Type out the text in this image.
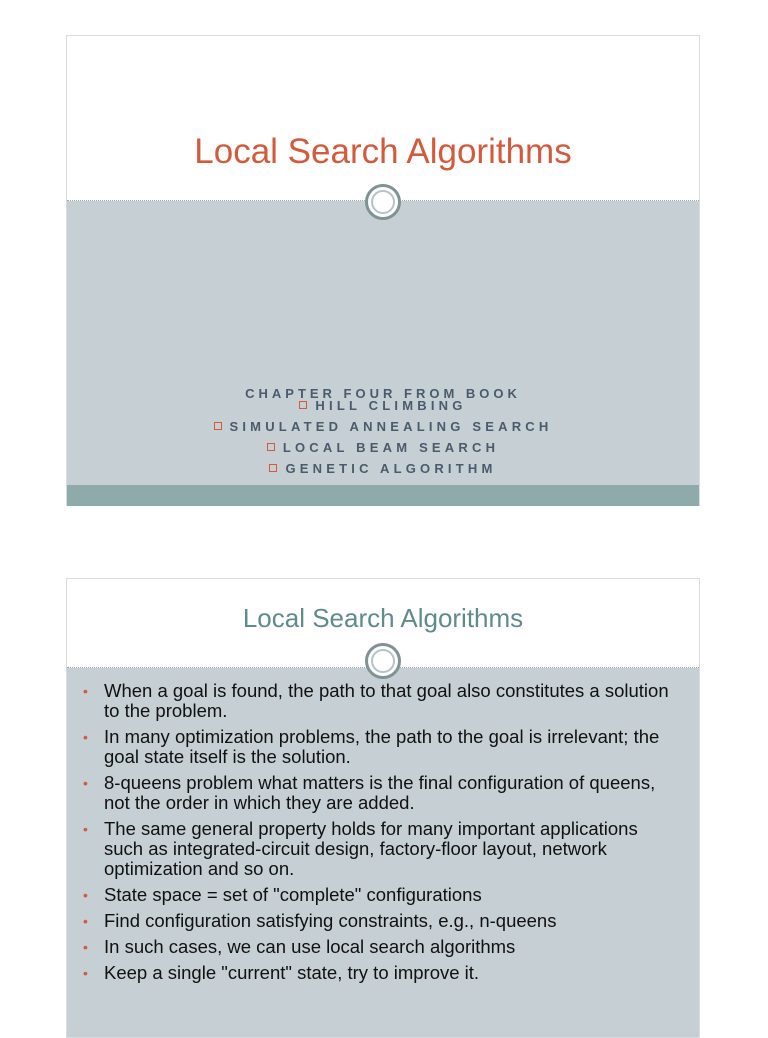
Local Search Algorithms
HILL CLIMBING
SIMULATED ANNEALING SEARCH
LOCAL BEAM SEARCH
GENETIC ALGORITHM
CHAPTER FOUR FROM BOOK
Local Search Algorithms
• When a goal is found, the path to that goal also constitutes a solution to the problem.
• In many optimization problems, the path to the goal is irrelevant; the goal state itself is the solution.
• 8-queens problem what matters is the final configuration of queens, not the order in which they are added.
• The same general property holds for many important applications such as integrated-circuit design, factory-floor layout, network optimization and so on.
• State space = set of "complete" configurations
• Find configuration satisfying constraints, e.g., n-queens
• In such cases, we can use local search algorithms
• Keep a single "current" state, try to improve it.
